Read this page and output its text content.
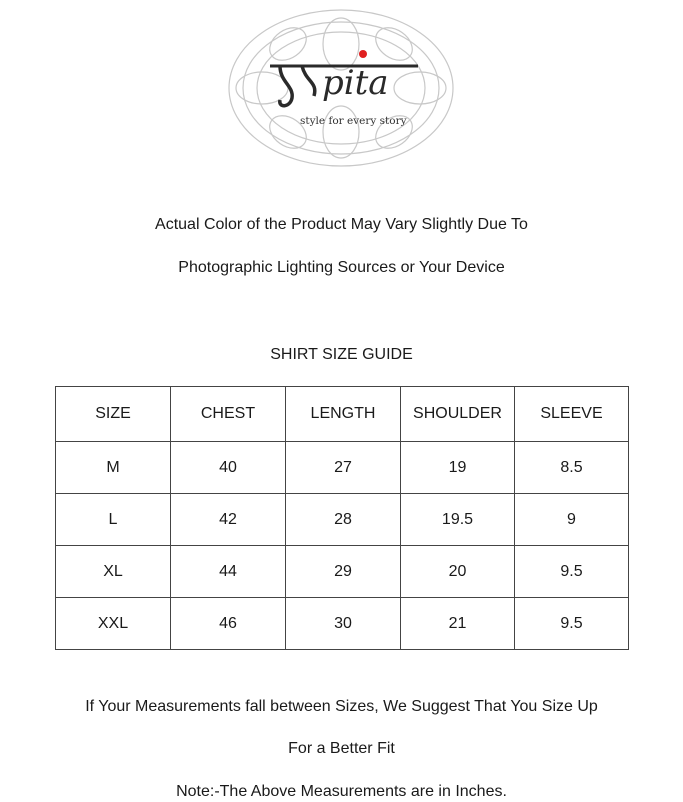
pita
style for every story
Actual Color of the Product May Vary Slightly Due To
Photographic Lighting Sources or Your Device
SHIRT SIZE GUIDE
SIZE	CHEST	LENGTH	SHOULDER	SLEEVE
M	40	27	19	8.5
L	42	28	19.5	9
XL	44	29	20	9.5
XXL	46	30	21	9.5
If Your Measurements fall between Sizes, We Suggest That You Size Up
For a Better Fit
Note:-The Above Measurements are in Inches.
